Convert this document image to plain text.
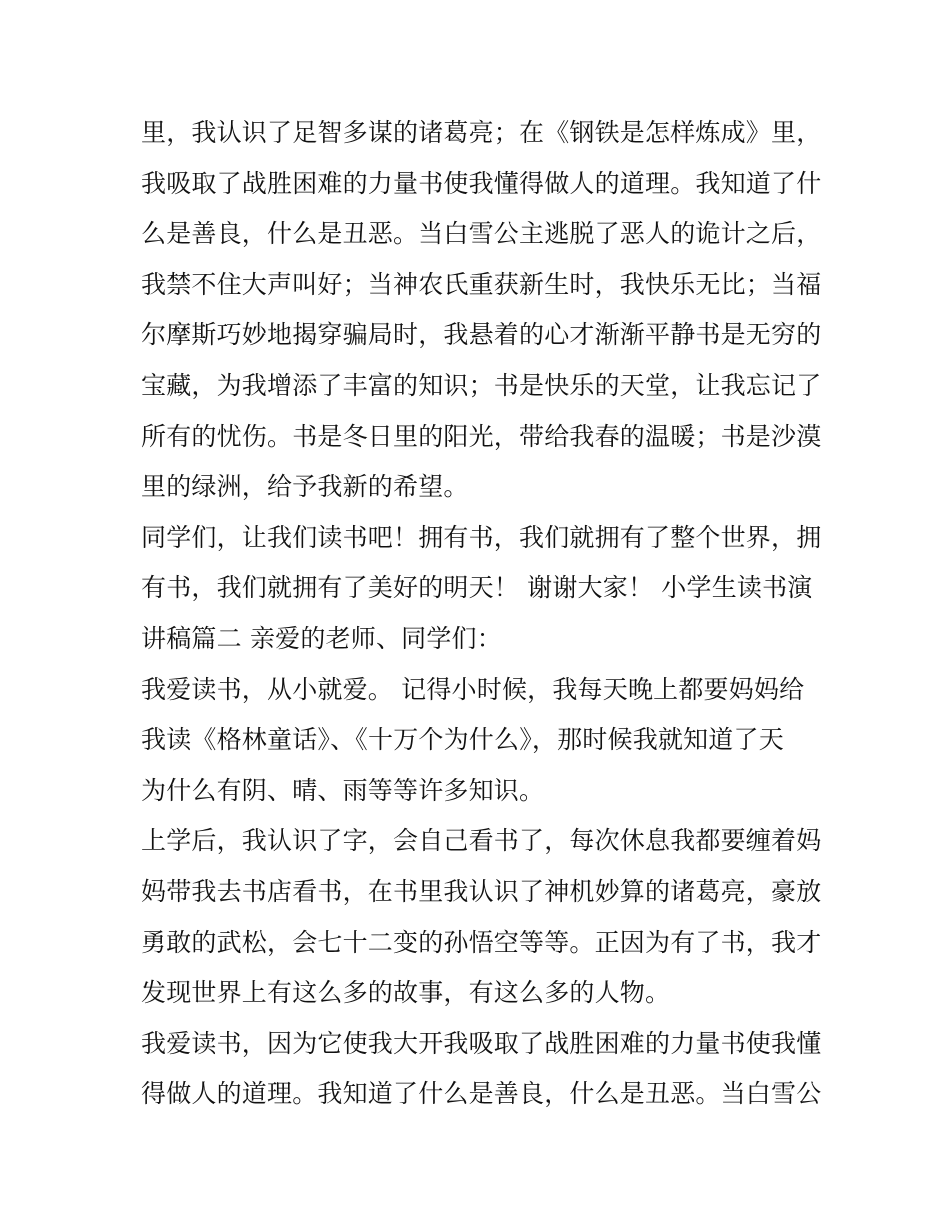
里，我认识了足智多谋的诸葛亮；在《钢铁是怎样炼成》里，
我吸取了战胜困难的力量书使我懂得做人的道理。我知道了什
么是善良，什么是丑恶。当白雪公主逃脱了恶人的诡计之后，
我禁不住大声叫好；当神农氏重获新生时，我快乐无比；当福
尔摩斯巧妙地揭穿骗局时，我悬着的心才渐渐平静书是无穷的
宝藏，为我增添了丰富的知识；书是快乐的天堂，让我忘记了
所有的忧伤。书是冬日里的阳光，带给我春的温暖；书是沙漠
里的绿洲，给予我新的希望。
同学们，让我们读书吧！拥有书，我们就拥有了整个世界，拥
有书，我们就拥有了美好的明天！ 谢谢大家！ 小学生读书演
讲稿篇二 亲爱的老师、同学们：
我爱读书，从小就爱。 记得小时候，我每天晚上都要妈妈给
我读《格林童话》、《十万个为什么》，那时候我就知道了天
为什么有阴、晴、雨等等许多知识。
上学后，我认识了字，会自己看书了，每次休息我都要缠着妈
妈带我去书店看书，在书里我认识了神机妙算的诸葛亮，豪放
勇敢的武松，会七十二变的孙悟空等等。正因为有了书，我才
发现世界上有这么多的故事，有这么多的人物。
我爱读书，因为它使我大开我吸取了战胜困难的力量书使我懂
得做人的道理。我知道了什么是善良，什么是丑恶。当白雪公
